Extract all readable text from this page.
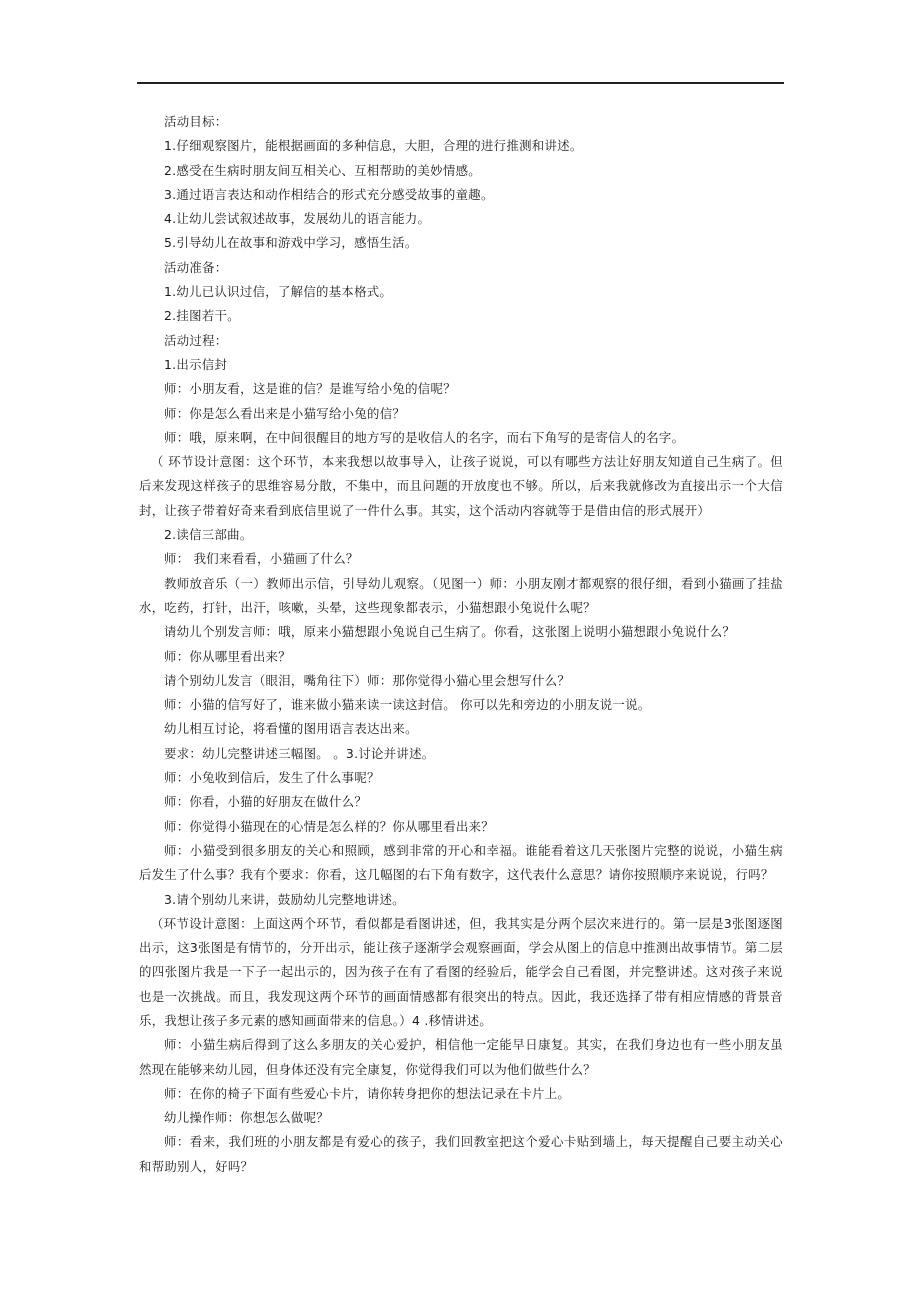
活动目标：

1.仔细观察图片，能根据画面的多种信息，大胆，合理的进行推测和讲述。

2.感受在生病时朋友间互相关心、互相帮助的美妙情感。

3.通过语言表达和动作相结合的形式充分感受故事的童趣。

4.让幼儿尝试叙述故事，发展幼儿的语言能力。

5.引导幼儿在故事和游戏中学习，感悟生活。

活动准备：

1.幼儿已认识过信，了解信的基本格式。

2.挂图若干。

活动过程：

1.出示信封

师：小朋友看，这是谁的信？是谁写给小兔的信呢？

师：你是怎么看出来是小猫写给小兔的信？

师：哦，原来啊，在中间很醒目的地方写的是收信人的名字，而右下角写的是寄信人的名字。

（ 环节设计意图：这个环节，本来我想以故事导入，让孩子说说，可以有哪些方法让好朋友知道自己生病了。但后来发现这样孩子的思维容易分散，不集中，而且问题的开放度也不够。所以，后来我就修改为直接出示一个大信封，让孩子带着好奇来看到底信里说了一件什么事。其实，这个活动内容就等于是借由信的形式展开）

2.读信三部曲。

师： 我们来看看，小猫画了什么？

教师放音乐（一）教师出示信，引导幼儿观察。（见图一）师：小朋友刚才都观察的很仔细，看到小猫画了挂盐水，吃药，打针，出汗，咳嗽，头晕，这些现象都表示，小猫想跟小兔说什么呢？

请幼儿个别发言师：哦，原来小猫想跟小兔说自己生病了。你看，这张图上说明小猫想跟小兔说什么？

师：你从哪里看出来？

请个别幼儿发言（眼泪，嘴角往下）师：那你觉得小猫心里会想写什么？

师：小猫的信写好了，谁来做小猫来读一读这封信。 你可以先和旁边的小朋友说一说。

幼儿相互讨论，将看懂的图用语言表达出来。

要求：幼儿完整讲述三幅图。 。3.讨论并讲述。

师：小兔收到信后，发生了什么事呢？

师：你看，小猫的好朋友在做什么？

师：你觉得小猫现在的心情是怎么样的？你从哪里看出来？

师：小猫受到很多朋友的关心和照顾，感到非常的开心和幸福。谁能看着这几天张图片完整的说说，小猫生病后发生了什么事？我有个要求：你看，这几幅图的右下角有数字，这代表什么意思？请你按照顺序来说说，行吗？

3.请个别幼儿来讲，鼓励幼儿完整地讲述。

（环节设计意图：上面这两个环节，看似都是看图讲述，但，我其实是分两个层次来进行的。第一层是3张图逐图出示，这3张图是有情节的，分开出示，能让孩子逐渐学会观察画面，学会从图上的信息中推测出故事情节。第二层的四张图片我是一下子一起出示的，因为孩子在有了看图的经验后，能学会自己看图，并完整讲述。这对孩子来说也是一次挑战。而且，我发现这两个环节的画面情感都有很突出的特点。因此，我还选择了带有相应情感的背景音乐，我想让孩子多元素的感知画面带来的信息。）4 .移情讲述。

师：小猫生病后得到了这么多朋友的关心爱护，相信他一定能早日康复。其实，在我们身边也有一些小朋友虽然现在能够来幼儿园，但身体还没有完全康复，你觉得我们可以为他们做些什么？

师：在你的椅子下面有些爱心卡片，请你转身把你的想法记录在卡片上。

幼儿操作师：你想怎么做呢？

师：看来，我们班的小朋友都是有爱心的孩子，我们回教室把这个爱心卡贴到墙上，每天提醒自己要主动关心和帮助别人，好吗？
